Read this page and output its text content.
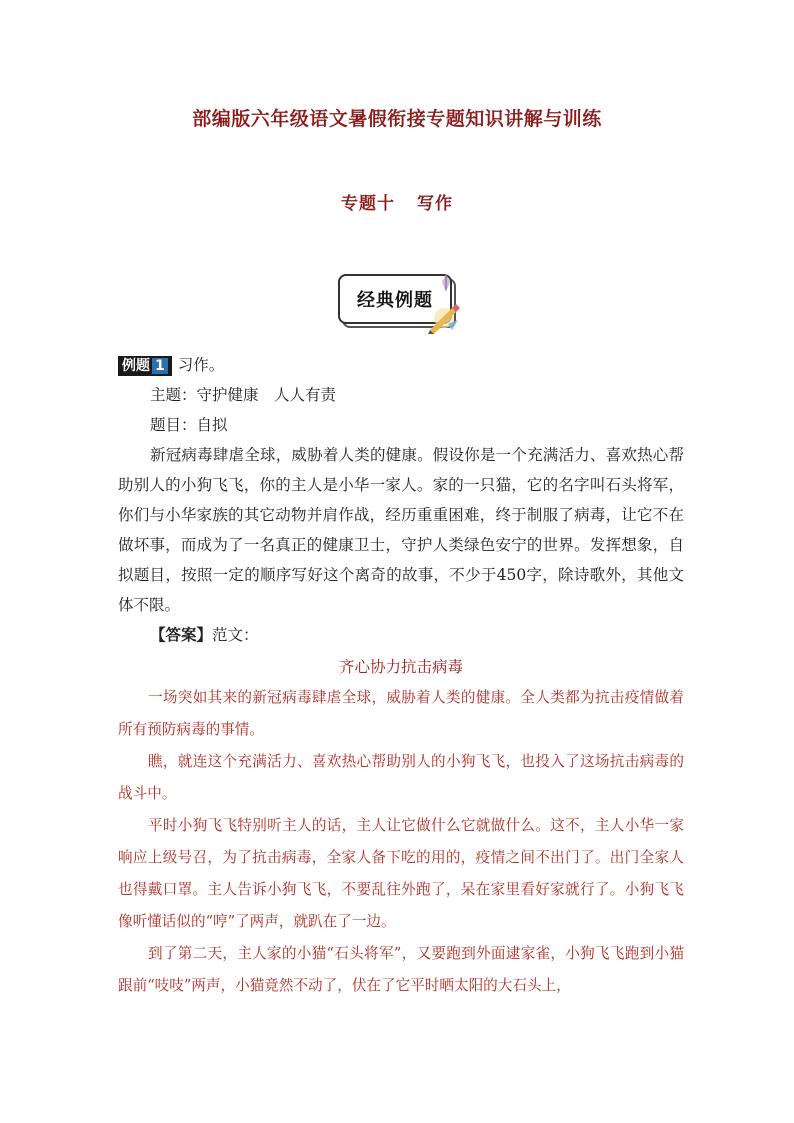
部编版六年级语文暑假衔接专题知识讲解与训练
专题十 写作
经典例题
例题 1 习作。
主题：守护健康　人人有责
题目：自拟
新冠病毒肆虐全球，威胁着人类的健康。假设你是一个充满活力、喜欢热心帮助别人的小狗飞飞，你的主人是小华一家人。家的一只猫，它的名字叫石头将军，你们与小华家族的其它动物并肩作战，经历重重困难，终于制服了病毒，让它不在做坏事，而成为了一名真正的健康卫士，守护人类绿色安宁的世界。发挥想象，自拟题目，按照一定的顺序写好这个离奇的故事，不少于450字，除诗歌外，其他文体不限。
【答案】范文：
齐心协力抗击病毒
一场突如其来的新冠病毒肆虐全球，威胁着人类的健康。全人类都为抗击疫情做着所有预防病毒的事情。
瞧，就连这个充满活力、喜欢热心帮助别人的小狗飞飞，也投入了这场抗击病毒的战斗中。
平时小狗飞飞特别听主人的话，主人让它做什么它就做什么。这不，主人小华一家响应上级号召，为了抗击病毒，全家人备下吃的用的，疫情之间不出门了。出门全家人也得戴口罩。主人告诉小狗飞飞，不要乱往外跑了，呆在家里看好家就行了。小狗飞飞像听懂话似的“哼”了两声，就趴在了一边。
到了第二天，主人家的小猫“石头将军”，又要跑到外面逮家雀，小狗飞飞跑到小猫跟前“吱吱”两声，小猫竟然不动了，伏在了它平时晒太阳的大石头上，
